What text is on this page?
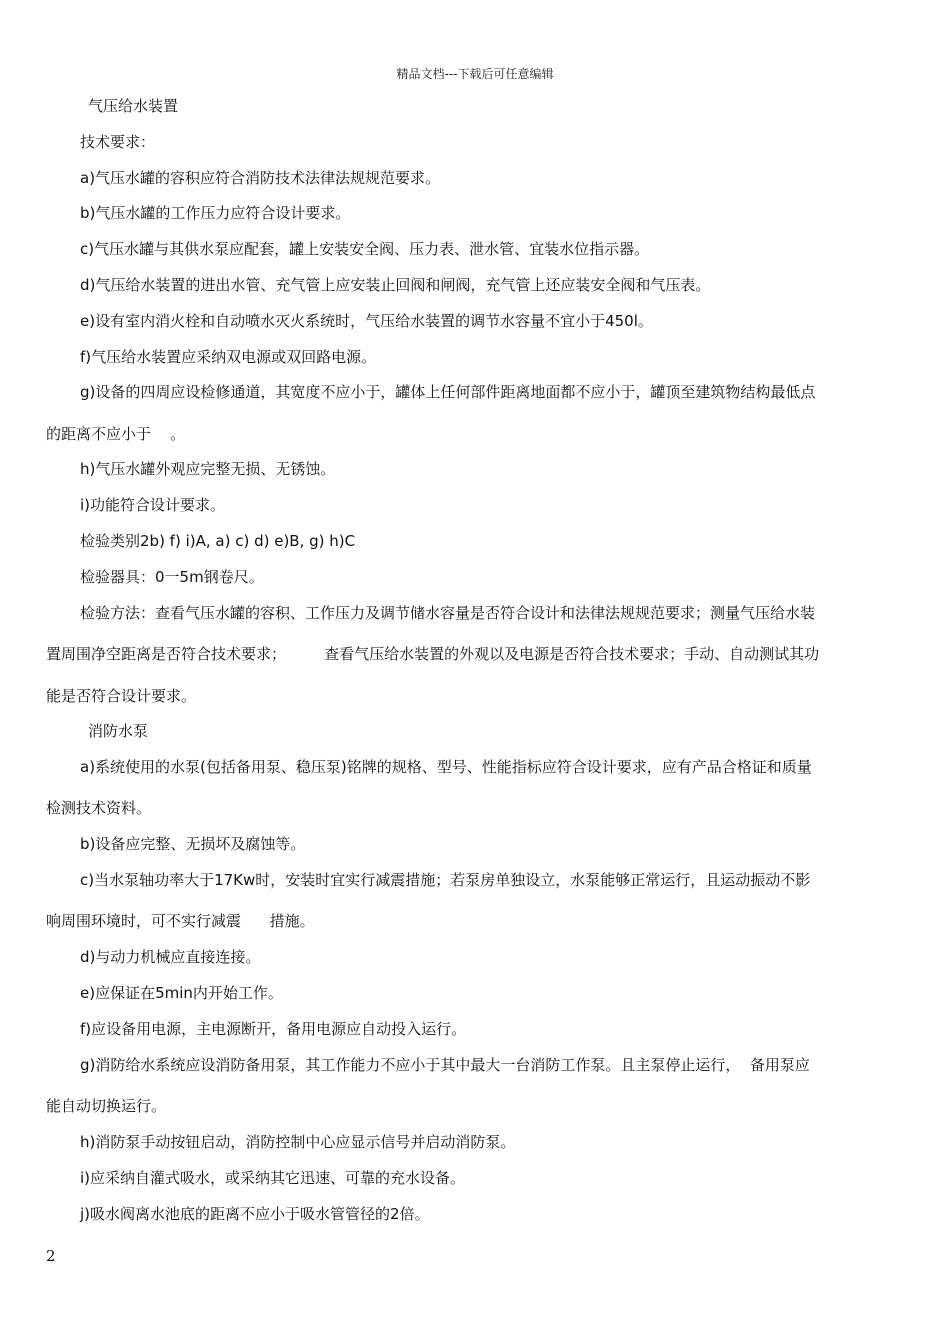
精品文档---下载后可任意编辑
气压给水装置
技术要求：
a)气压水罐的容积应符合消防技术法律法规规范要求。
b)气压水罐的工作压力应符合设计要求。
c)气压水罐与其供水泵应配套，罐上安装安全阀、压力表、泄水管、宜装水位指示器。
d)气压给水装置的进出水管、充气管上应安装止回阀和闸阀，充气管上还应装安全阀和气压表。
e)设有室内消火栓和自动喷水灭火系统时，气压给水装置的调节水容量不宜小于450l。
f)气压给水装置应采纳双电源或双回路电源。
g)设备的四周应设检修通道，其宽度不应小于，罐体上任何部件距离地面都不应小于，罐顶至建筑物结构最低点
的距离不应小于    。
h)气压水罐外观应完整无损、无锈蚀。
i)功能符合设计要求。
检验类别2b) f) i)A, a) c) d) e)B, g) h)C
检验器具：0一5m钢卷尺。
检验方法：查看气压水罐的容积、工作压力及调节储水容量是否符合设计和法律法规规范要求；测量气压给水装
置周围净空距离是否符合技术要求；        查看气压给水装置的外观以及电源是否符合技术要求；手动、自动测试其功
能是否符合设计要求。
消防水泵
a)系统使用的水泵(包括备用泵、稳压泵)铭牌的规格、型号、性能指标应符合设计要求，应有产品合格证和质量
检测技术资料。
b)设备应完整、无损坏及腐蚀等。
c)当水泵轴功率大于17Kw时，安装时宜实行减震措施；若泵房单独设立，水泵能够正常运行，且运动振动不影
响周围环境时，可不实行减震      措施。
d)与动力机械应直接连接。
e)应保证在5min内开始工作。
f)应设备用电源，主电源断开，备用电源应自动投入运行。
g)消防给水系统应设消防备用泵，其工作能力不应小于其中最大一台消防工作泵。且主泵停止运行，  备用泵应
能自动切换运行。
h)消防泵手动按钮启动，消防控制中心应显示信号并启动消防泵。
i)应采纳自灌式吸水，或采纳其它迅速、可靠的充水设备。
j)吸水阀离水池底的距离不应小于吸水管管径的2倍。
2
